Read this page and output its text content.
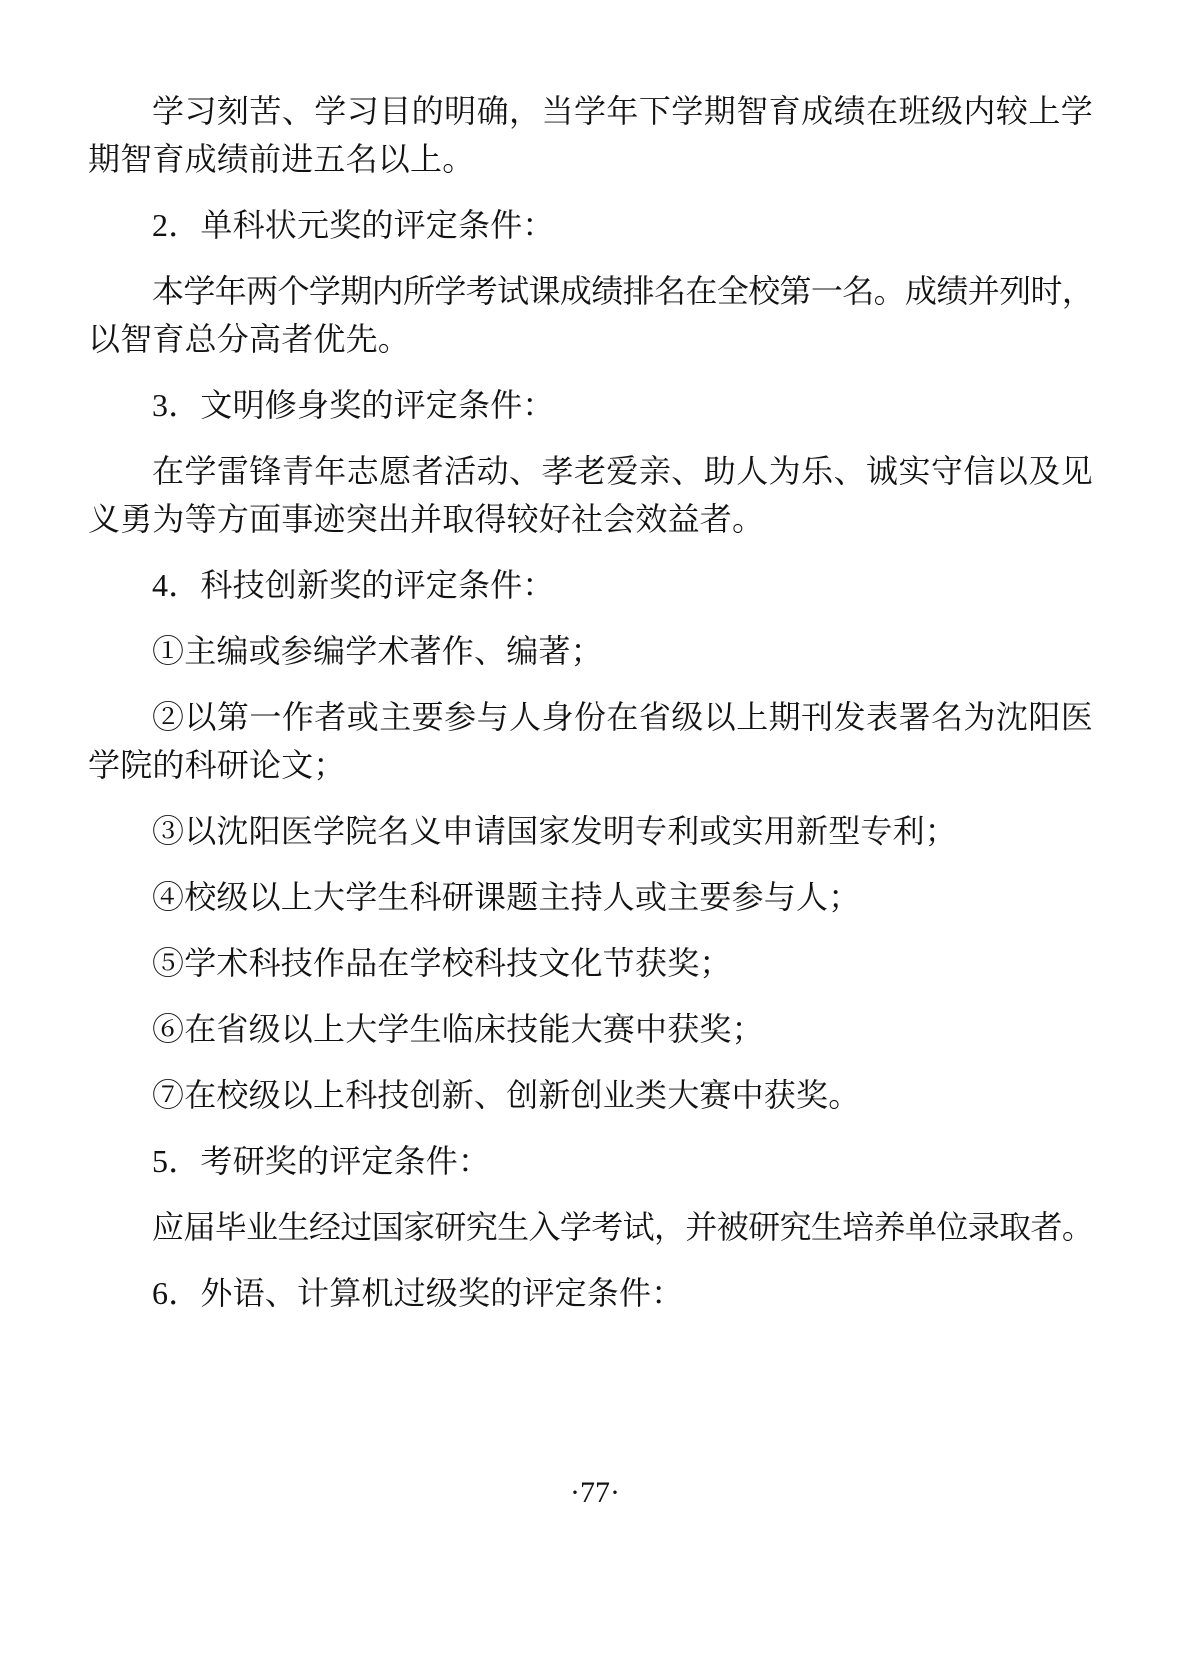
学习刻苦、学习目的明确，当学年下学期智育成绩在班级内较上学
期智育成绩前进五名以上。
2．单科状元奖的评定条件：
本学年两个学期内所学考试课成绩排名在全校第一名。成绩并列时，
以智育总分高者优先。
3．文明修身奖的评定条件：
在学雷锋青年志愿者活动、孝老爱亲、助人为乐、诚实守信以及见
义勇为等方面事迹突出并取得较好社会效益者。
4．科技创新奖的评定条件：
①主编或参编学术著作、编著；
②以第一作者或主要参与人身份在省级以上期刊发表署名为沈阳医
学院的科研论文；
③以沈阳医学院名义申请国家发明专利或实用新型专利；
④校级以上大学生科研课题主持人或主要参与人；
⑤学术科技作品在学校科技文化节获奖；
⑥在省级以上大学生临床技能大赛中获奖；
⑦在校级以上科技创新、创新创业类大赛中获奖。
5．考研奖的评定条件：
应届毕业生经过国家研究生入学考试，并被研究生培养单位录取者。
6．外语、计算机过级奖的评定条件：
·77·
